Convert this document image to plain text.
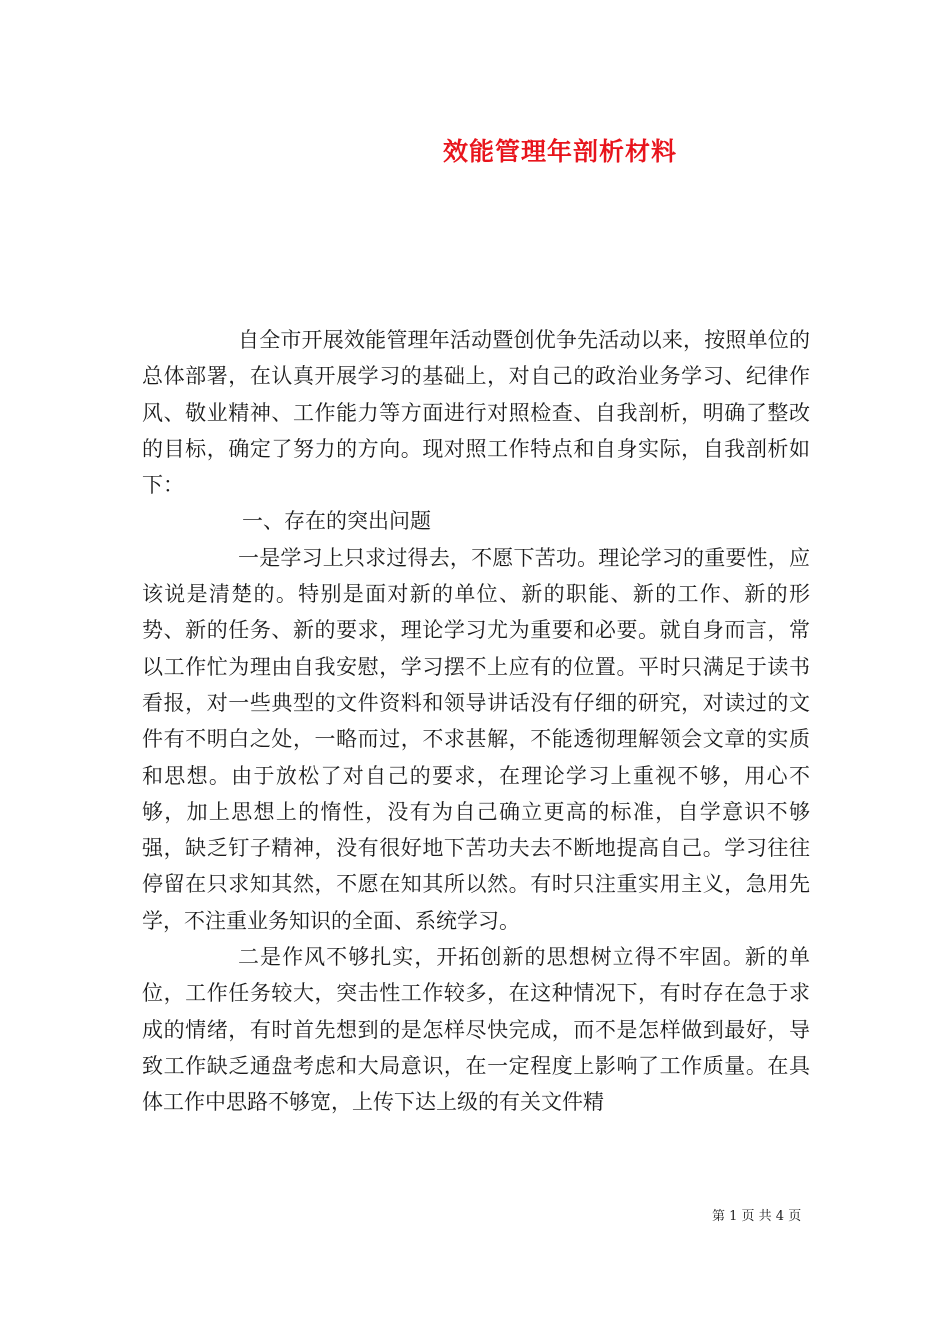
效能管理年剖析材料

自全市开展效能管理年活动暨创优争先活动以来，按照单位的总体部署，在认真开展学习的基础上，对自己的政治业务学习、纪律作风、敬业精神、工作能力等方面进行对照检查、自我剖析，明确了整改的目标，确定了努力的方向。现对照工作特点和自身实际，自我剖析如下：

一、存在的突出问题

一是学习上只求过得去，不愿下苦功。理论学习的重要性，应该说是清楚的。特别是面对新的单位、新的职能、新的工作、新的形势、新的任务、新的要求，理论学习尤为重要和必要。就自身而言，常以工作忙为理由自我安慰，学习摆不上应有的位置。平时只满足于读书看报，对一些典型的文件资料和领导讲话没有仔细的研究，对读过的文件有不明白之处，一略而过，不求甚解，不能透彻理解领会文章的实质和思想。由于放松了对自己的要求，在理论学习上重视不够，用心不够，加上思想上的惰性，没有为自己确立更高的标准，自学意识不够强，缺乏钉子精神，没有很好地下苦功夫去不断地提高自己。学习往往停留在只求知其然，不愿在知其所以然。有时只注重实用主义，急用先学，不注重业务知识的全面、系统学习。

二是作风不够扎实，开拓创新的思想树立得不牢固。新的单位，工作任务较大，突击性工作较多，在这种情况下，有时存在急于求成的情绪，有时首先想到的是怎样尽快完成，而不是怎样做到最好，导致工作缺乏通盘考虑和大局意识，在一定程度上影响了工作质量。在具体工作中思路不够宽，上传下达上级的有关文件精

第 1 页 共 4 页
